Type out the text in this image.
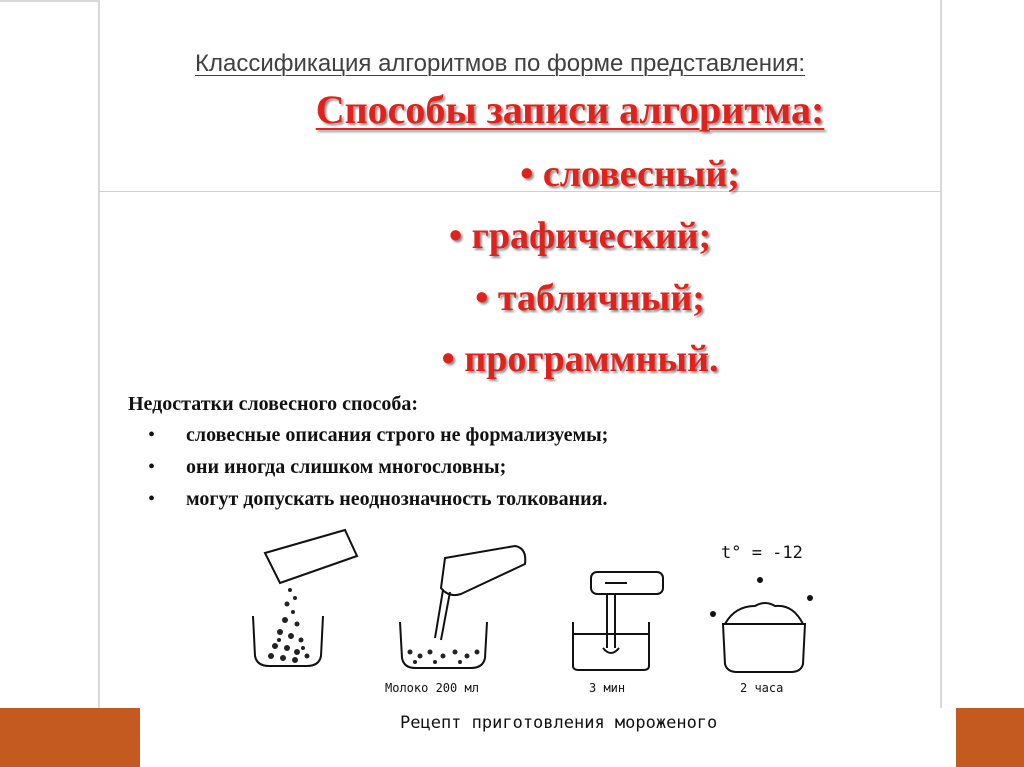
Классификация алгоритмов по форме представления:
Способы записи алгоритма:
• словесный;
• графический;
• табличный;
• программный.
Недостатки словесного способа:
•	словесные описания строго не формализуемы;
•	они иногда слишком многословны;
•	могут допускать неоднозначность толкования.
t° = -12
Молоко 200 мл	3 мин	2 часа
Рецепт приготовления мороженого
